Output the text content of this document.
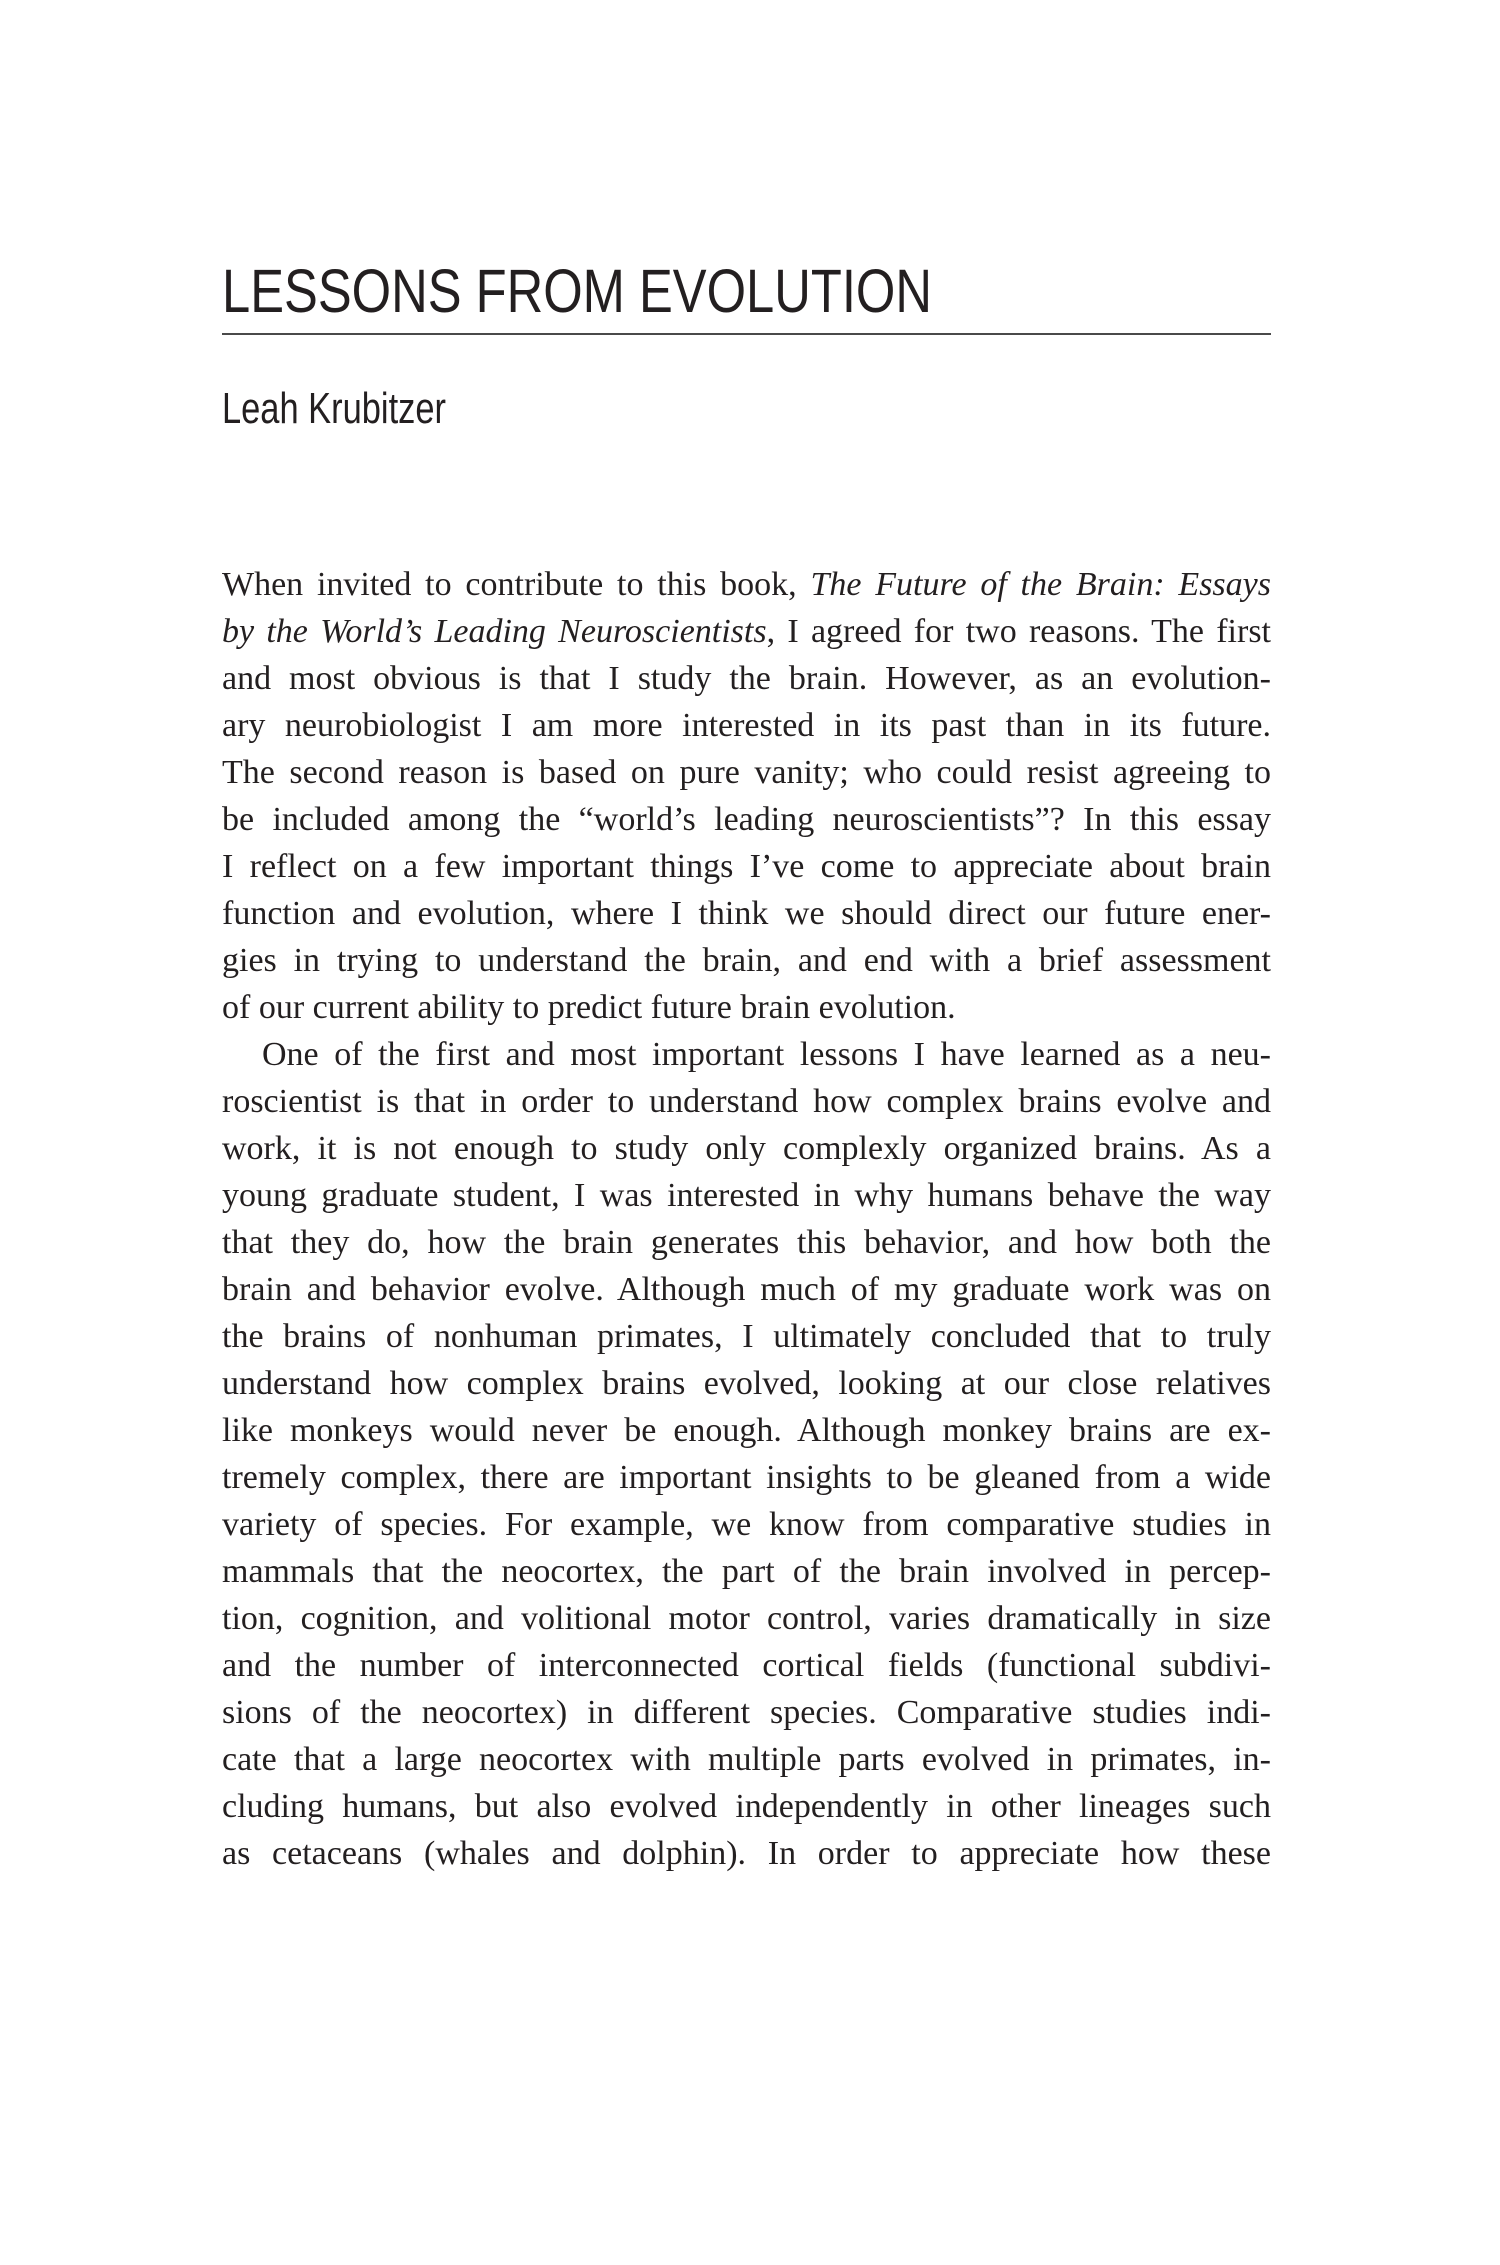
LESSONS FROM EVOLUTION
Leah Krubitzer
When invited to contribute to this book, The Future of the Brain: Essays
by the World’s Leading Neuroscientists, I agreed for two reasons. The first
and most obvious is that I study the brain. However, as an evolution-
ary neurobiologist I am more interested in its past than in its future.
The second reason is based on pure vanity; who could resist agreeing to
be included among the “world’s leading neuroscientists”? In this essay
I reflect on a few important things I’ve come to appreciate about brain
function and evolution, where I think we should direct our future ener-
gies in trying to understand the brain, and end with a brief assessment
of our current ability to predict future brain evolution.
One of the first and most important lessons I have learned as a neu-
roscientist is that in order to understand how complex brains evolve and
work, it is not enough to study only complexly organized brains. As a
young graduate student, I was interested in why humans behave the way
that they do, how the brain generates this behavior, and how both the
brain and behavior evolve. Although much of my graduate work was on
the brains of nonhuman primates, I ultimately concluded that to truly
understand how complex brains evolved, looking at our close relatives
like monkeys would never be enough. Although monkey brains are ex-
tremely complex, there are important insights to be gleaned from a wide
variety of species. For example, we know from comparative studies in
mammals that the neocortex, the part of the brain involved in percep-
tion, cognition, and volitional motor control, varies dramatically in size
and the number of interconnected cortical fields (functional subdivi-
sions of the neocortex) in different species. Comparative studies indi-
cate that a large neocortex with multiple parts evolved in primates, in-
cluding humans, but also evolved independently in other lineages such
as cetaceans (whales and dolphin). In order to appreciate how these
